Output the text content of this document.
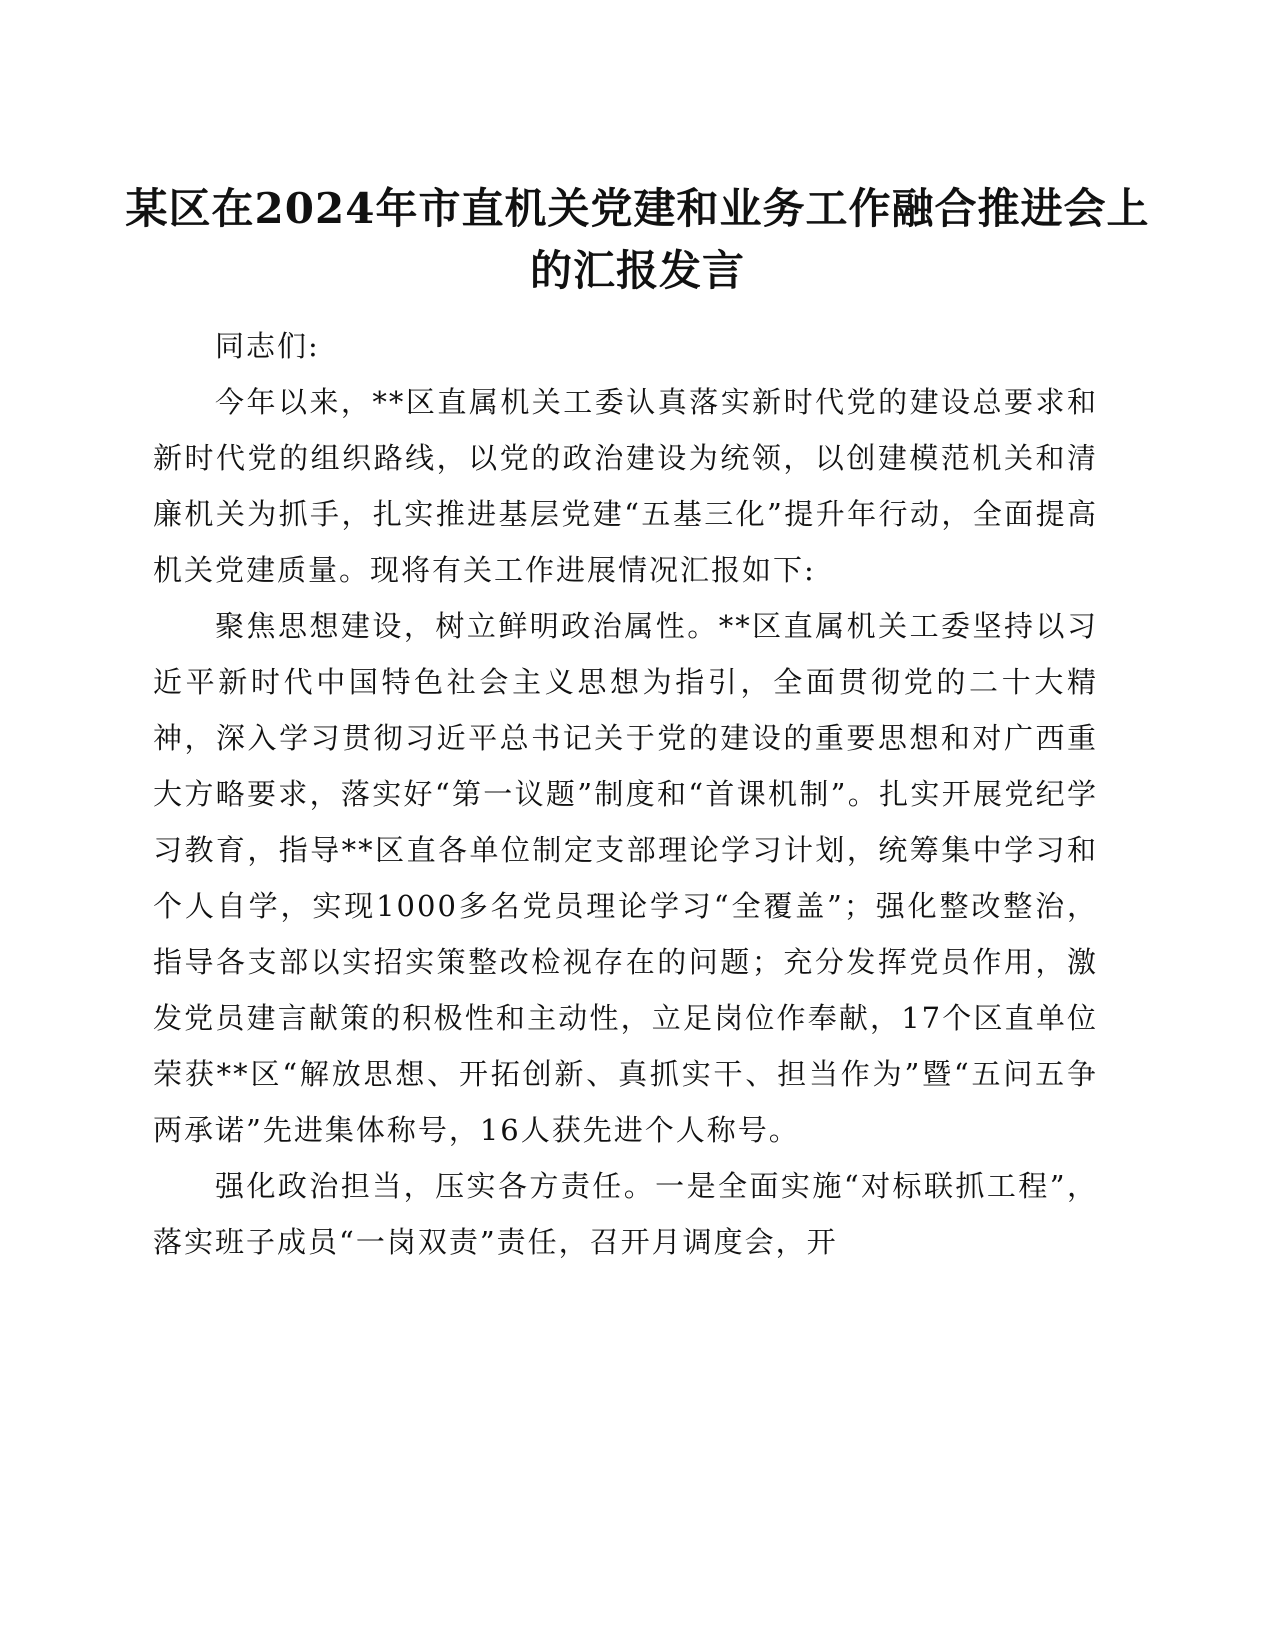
某区在2024年市直机关党建和业务工作融合推进会上的汇报发言

同志们:

今年以来，**区直属机关工委认真落实新时代党的建设总要求和新时代党的组织路线，以党的政治建设为统领，以创建模范机关和清廉机关为抓手，扎实推进基层党建“五基三化”提升年行动，全面提高机关党建质量。现将有关工作进展情况汇报如下:

聚焦思想建设，树立鲜明政治属性。**区直属机关工委坚持以习近平新时代中国特色社会主义思想为指引，全面贯彻党的二十大精神，深入学习贯彻习近平总书记关于党的建设的重要思想和对广西重大方略要求，落实好“第一议题”制度和“首课机制”。扎实开展党纪学习教育，指导**区直各单位制定支部理论学习计划，统筹集中学习和个人自学，实现1000多名党员理论学习“全覆盖”；强化整改整治，指导各支部以实招实策整改检视存在的问题；充分发挥党员作用，激发党员建言献策的积极性和主动性，立足岗位作奉献，17个区直单位荣获**区“解放思想、开拓创新、真抓实干、担当作为”暨“五问五争两承诺”先进集体称号，16人获先进个人称号。

强化政治担当，压实各方责任。一是全面实施“对标联抓工程”，落实班子成员“一岗双责”责任，召开月调度会，开
